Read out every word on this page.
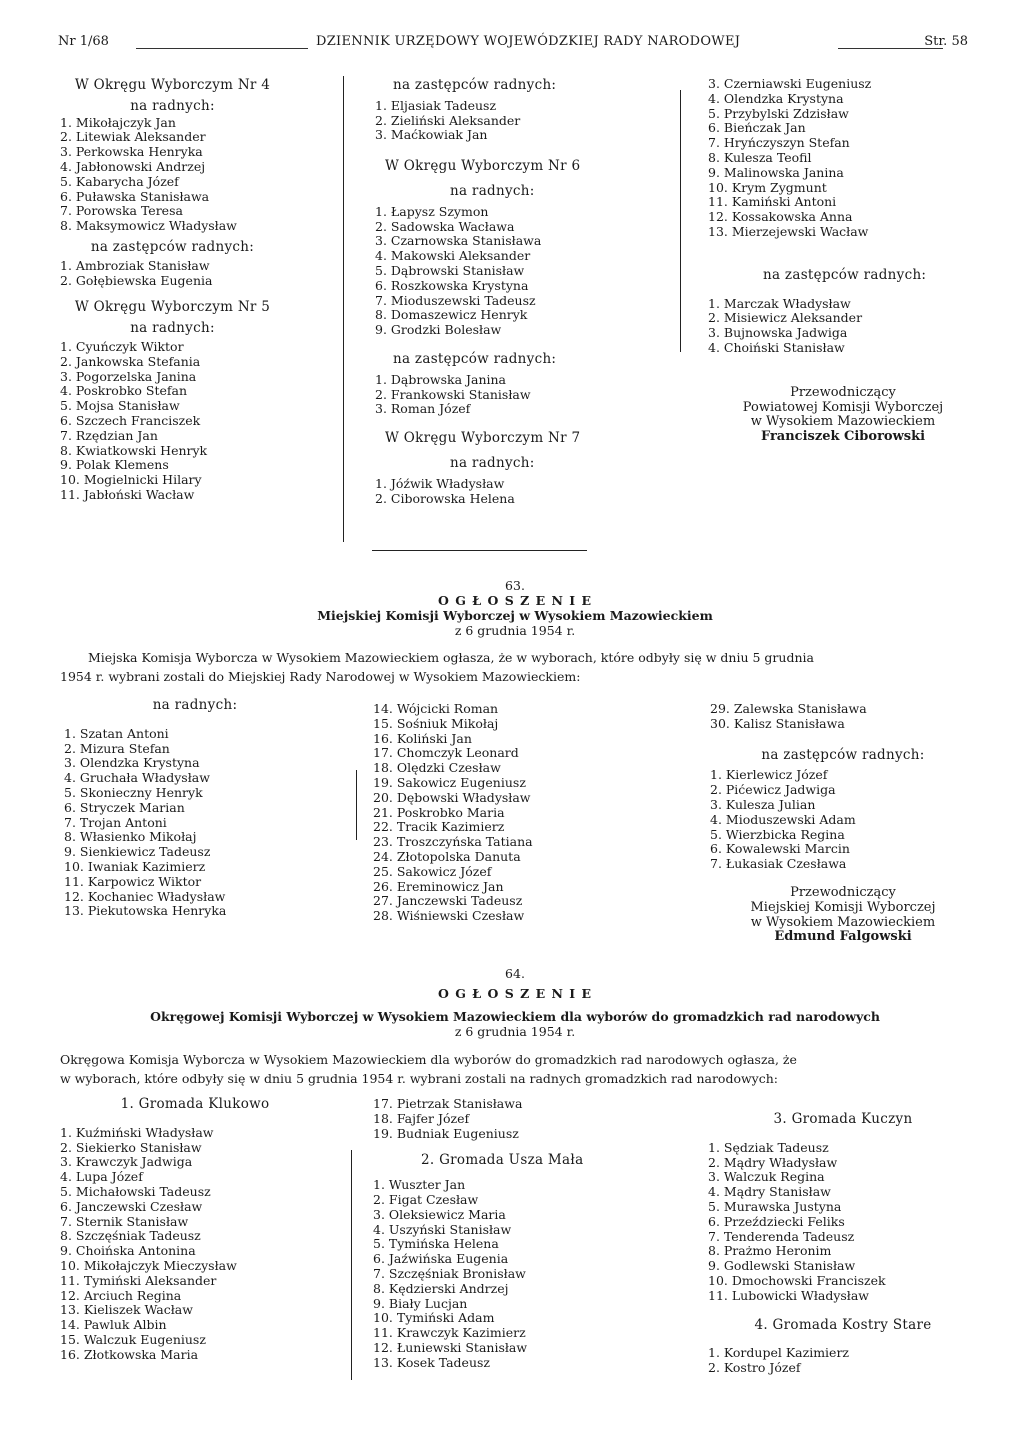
Nr 1/68	DZIENNIK URZĘDOWY WOJEWÓDZKIEJ RADY NARODOWEJ	Str. 58
W Okręgu Wyborczym Nr 4
na radnych:
1. Mikołajczyk Jan
2. Litewiak Aleksander
3. Perkowska Henryka
4. Jabłonowski Andrzej
5. Kabarycha Józef
6. Puławska Stanisława
7. Porowska Teresa
8. Maksymowicz Władysław
na zastępców radnych:
1. Ambroziak Stanisław
2. Gołębiewska Eugenia
W Okręgu Wyborczym Nr 5
na radnych:
1. Cyuńczyk Wiktor
2. Jankowska Stefania
3. Pogorzelska Janina
4. Poskrobko Stefan
5. Mojsa Stanisław
6. Szczech Franciszek
7. Rzędzian Jan
8. Kwiatkowski Henryk
9. Polak Klemens
10. Mogielnicki Hilary
11. Jabłoński Wacław
na zastępców radnych:
1. Eljasiak Tadeusz
2. Zieliński Aleksander
3. Maćkowiak Jan
W Okręgu Wyborczym Nr 6
na radnych:
1. Łapysz Szymon
2. Sadowska Wacława
3. Czarnowska Stanisława
4. Makowski Aleksander
5. Dąbrowski Stanisław
6. Roszkowska Krystyna
7. Mioduszewski Tadeusz
8. Domaszewicz Henryk
9. Grodzki Bolesław
na zastępców radnych:
1. Dąbrowska Janina
2. Frankowski Stanisław
3. Roman Józef
W Okręgu Wyborczym Nr 7
na radnych:
1. Jóźwik Władysław
2. Ciborowska Helena
3. Czerniawski Eugeniusz
4. Olendzka Krystyna
5. Przybylski Zdzisław
6. Bieńczak Jan
7. Hryńczyszyn Stefan
8. Kulesza Teofil
9. Malinowska Janina
10. Krym Zygmunt
11. Kamiński Antoni
12. Kossakowska Anna
13. Mierzejewski Wacław
na zastępców radnych:
1. Marczak Władysław
2. Misiewicz Aleksander
3. Bujnowska Jadwiga
4. Choiński Stanisław
Przewodniczący
Powiatowej Komisji Wyborczej
w Wysokiem Mazowieckiem
Franciszek Ciborowski
63.
O G Ł O S Z E N I E
Miejskiej Komisji Wyborczej w Wysokiem Mazowieckiem
z 6 grudnia 1954 r.
Miejska Komisja Wyborcza w Wysokiem Mazowieckiem ogłasza, że w wyborach, które odbyły się w dniu 5 grudnia
1954 r. wybrani zostali do Miejskiej Rady Narodowej w Wysokiem Mazowieckiem:
na radnych:
1. Szatan Antoni
2. Mizura Stefan
3. Olendzka Krystyna
4. Gruchała Władysław
5. Skonieczny Henryk
6. Stryczek Marian
7. Trojan Antoni
8. Własienko Mikołaj
9. Sienkiewicz Tadeusz
10. Iwaniak Kazimierz
11. Karpowicz Wiktor
12. Kochaniec Władysław
13. Piekutowska Henryka
14. Wójcicki Roman
15. Sośniuk Mikołaj
16. Koliński Jan
17. Chomczyk Leonard
18. Olędzki Czesław
19. Sakowicz Eugeniusz
20. Dębowski Władysław
21. Poskrobko Maria
22. Tracik Kazimierz
23. Troszczyńska Tatiana
24. Złotopolska Danuta
25. Sakowicz Józef
26. Ereminowicz Jan
27. Janczewski Tadeusz
28. Wiśniewski Czesław
29. Zalewska Stanisława
30. Kalisz Stanisława
na zastępców radnych:
1. Kierlewicz Józef
2. Pićewicz Jadwiga
3. Kulesza Julian
4. Mioduszewski Adam
5. Wierzbicka Regina
6. Kowalewski Marcin
7. Łukasiak Czesława
Przewodniczący
Miejskiej Komisji Wyborczej
w Wysokiem Mazowieckiem
Edmund Falgowski
64.
O G Ł O S Z E N I E
Okręgowej Komisji Wyborczej w Wysokiem Mazowieckiem dla wyborów do gromadzkich rad narodowych
z 6 grudnia 1954 r.
Okręgowa Komisja Wyborcza w Wysokiem Mazowieckiem dla wyborów do gromadzkich rad narodowych ogłasza, że
w wyborach, które odbyły się w dniu 5 grudnia 1954 r. wybrani zostali na radnych gromadzkich rad narodowych:
1. Gromada Klukowo
1. Kuźmiński Władysław
2. Siekierko Stanisław
3. Krawczyk Jadwiga
4. Lupa Józef
5. Michałowski Tadeusz
6. Janczewski Czesław
7. Sternik Stanisław
8. Szczęśniak Tadeusz
9. Choińska Antonina
10. Mikołajczyk Mieczysław
11. Tymiński Aleksander
12. Arciuch Regina
13. Kieliszek Wacław
14. Pawluk Albin
15. Walczuk Eugeniusz
16. Złotkowska Maria
17. Pietrzak Stanisława
18. Fajfer Józef
19. Budniak Eugeniusz
2. Gromada Usza Mała
1. Wuszter Jan
2. Figat Czesław
3. Oleksiewicz Maria
4. Uszyński Stanisław
5. Tymińska Helena
6. Jaźwińska Eugenia
7. Szczęśniak Bronisław
8. Kędzierski Andrzej
9. Biały Lucjan
10. Tymiński Adam
11. Krawczyk Kazimierz
12. Łuniewski Stanisław
13. Kosek Tadeusz
3. Gromada Kuczyn
1. Sędziak Tadeusz
2. Mądry Władysław
3. Walczuk Regina
4. Mądry Stanisław
5. Murawska Justyna
6. Przeździecki Feliks
7. Tenderenda Tadeusz
8. Prażmo Heronim
9. Godlewski Stanisław
10. Dmochowski Franciszek
11. Lubowicki Władysław
4. Gromada Kostry Stare
1. Kordupel Kazimierz
2. Kostro Józef
